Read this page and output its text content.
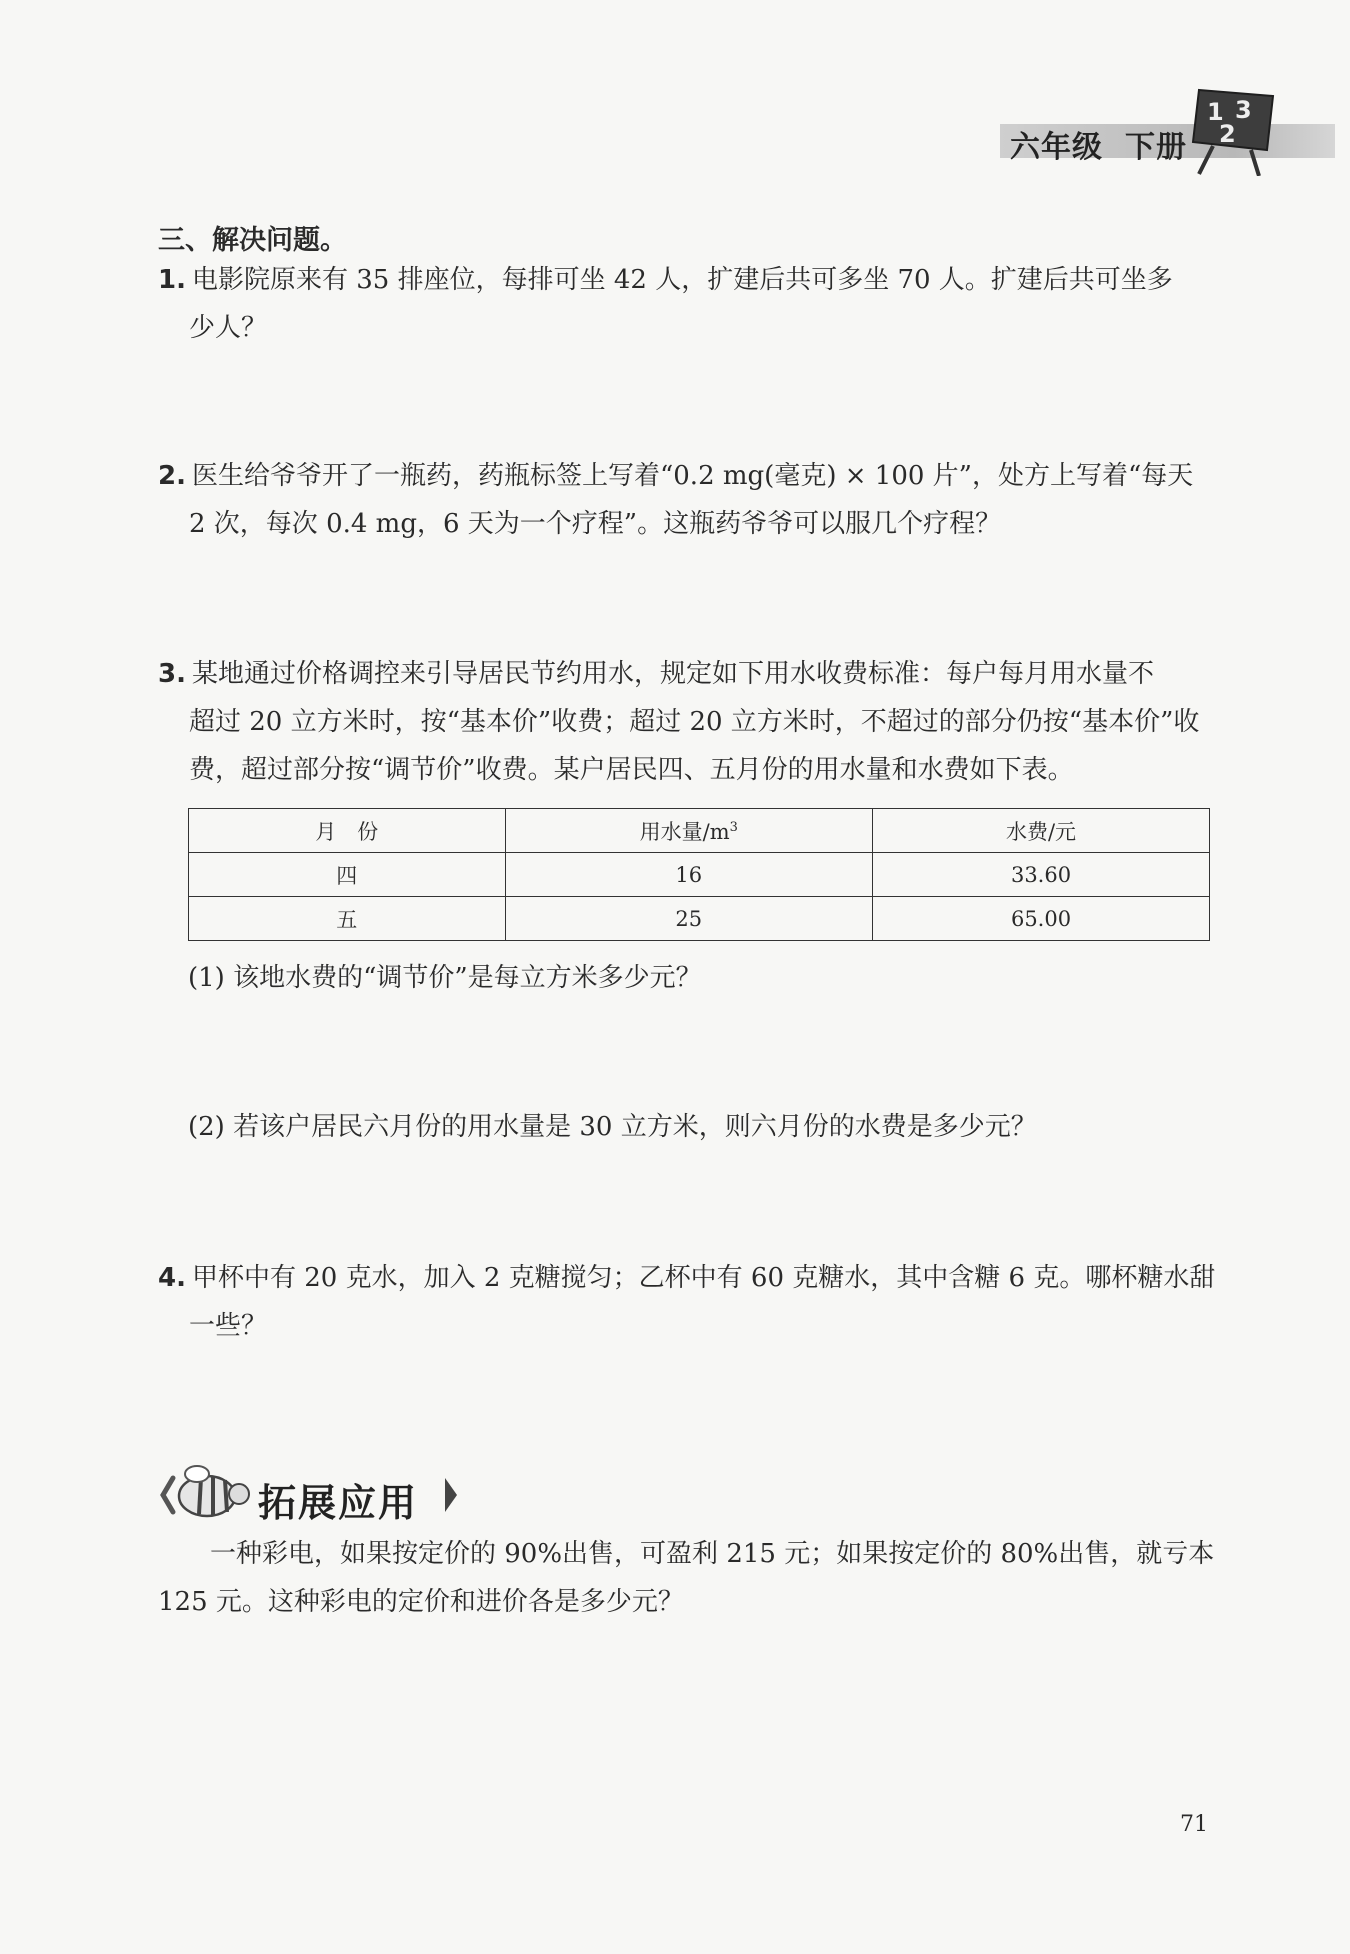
六年级 下册
1 3
2
三、解决问题。
1. 电影院原来有 35 排座位，每排可坐 42 人，扩建后共可多坐 70 人。扩建后共可坐多
少人？
2. 医生给爷爷开了一瓶药，药瓶标签上写着“0.2 mg(毫克) × 100 片”，处方上写着“每天
2 次，每次 0.4 mg，6 天为一个疗程”。这瓶药爷爷可以服几个疗程？
3. 某地通过价格调控来引导居民节约用水，规定如下用水收费标准：每户每月用水量不
超过 20 立方米时，按“基本价”收费；超过 20 立方米时，不超过的部分仍按“基本价”收
费，超过部分按“调节价”收费。某户居民四、五月份的用水量和水费如下表。
月　份	用水量$/m^3$	水费/元
四	16	33.60
五	25	65.00
(1) 该地水费的“调节价”是每立方米多少元？
(2) 若该户居民六月份的用水量是 30 立方米，则六月份的水费是多少元？
4. 甲杯中有 20 克水，加入 2 克糖搅匀；乙杯中有 60 克糖水，其中含糖 6 克。哪杯糖水甜
一些？
拓展应用
一种彩电，如果按定价的 90%出售，可盈利 215 元；如果按定价的 80%出售，就亏本
125 元。这种彩电的定价和进价各是多少元？
71
